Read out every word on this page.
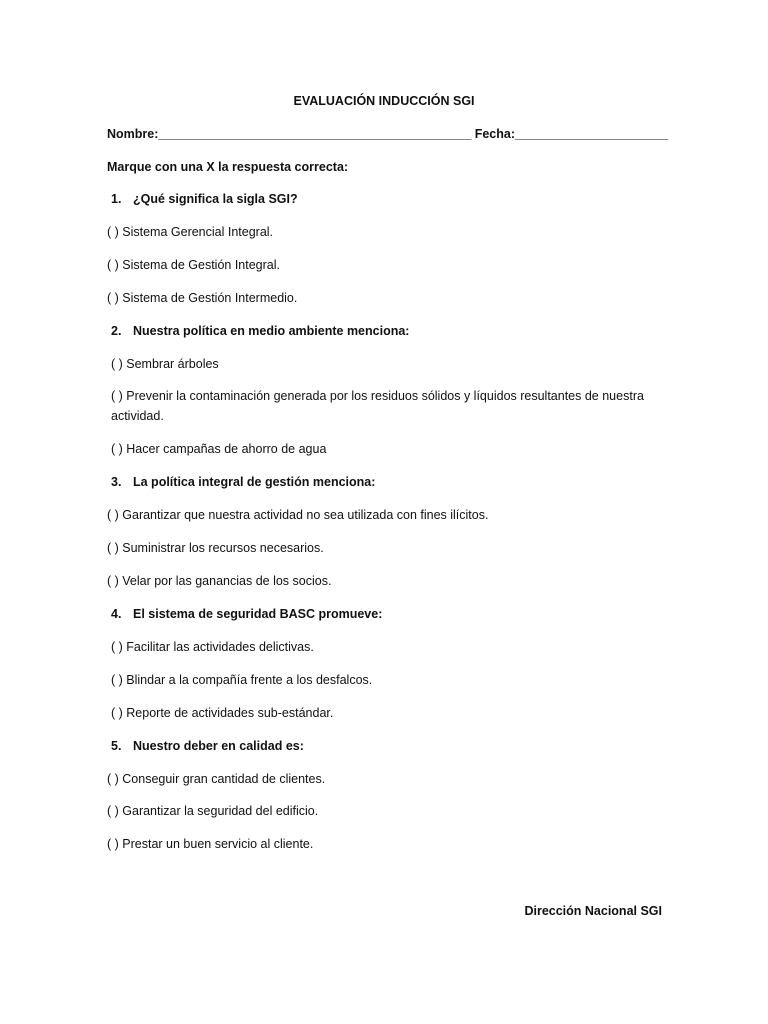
EVALUACIÓN INDUCCIÓN SGI
Nombre:_____________________________________________ Fecha:______________________
Marque con una X la respuesta correcta:
1. ¿Qué significa la sigla SGI?
( ) Sistema Gerencial Integral.
( ) Sistema de Gestión Integral.
( ) Sistema de Gestión Intermedio.
2. Nuestra política en medio ambiente menciona:
( ) Sembrar árboles
( ) Prevenir la contaminación generada por los residuos sólidos y líquidos resultantes de nuestra
actividad.
( ) Hacer campañas de ahorro de agua
3. La política integral de gestión menciona:
( ) Garantizar que nuestra actividad no sea utilizada con fines ilícitos.
( ) Suministrar los recursos necesarios.
( ) Velar por las ganancias de los socios.
4. El sistema de seguridad BASC promueve:
( ) Facilitar las actividades delictivas.
( ) Blindar a la compañía frente a los desfalcos.
( ) Reporte de actividades sub-estándar.
5. Nuestro deber en calidad es:
( ) Conseguir gran cantidad de clientes.
( ) Garantizar la seguridad del edificio.
( ) Prestar un buen servicio al cliente.
Dirección Nacional SGI
